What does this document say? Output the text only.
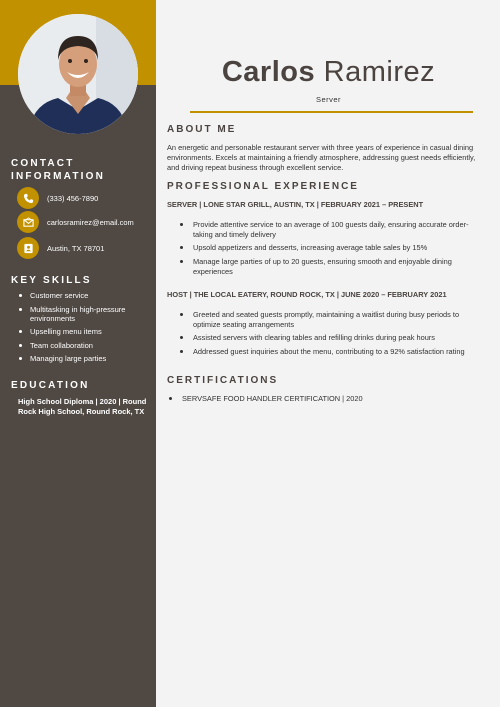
CONTACT INFORMATION
(333) 456-7890
carlosramirez@email.com
Austin, TX 78701
KEY SKILLS
Customer service
Multitasking in high-pressure environments
Upselling menu items
Team collaboration
Managing large parties
EDUCATION
High School Diploma | 2020 | Round Rock High School, Round Rock, TX
Carlos Ramirez
Server
ABOUT ME
An energetic and personable restaurant server with three years of experience in casual dining environments. Excels at maintaining a friendly atmosphere, addressing guest needs efficiently, and driving repeat business through excellent service.
PROFESSIONAL EXPERIENCE
SERVER | LONE STAR GRILL, AUSTIN, TX | FEBRUARY 2021 – PRESENT
Provide attentive service to an average of 100 guests daily, ensuring accurate order-taking and timely delivery
Upsold appetizers and desserts, increasing average table sales by 15%
Manage large parties of up to 20 guests, ensuring smooth and enjoyable dining experiences
HOST | THE LOCAL EATERY, ROUND ROCK, TX | JUNE 2020 – FEBRUARY 2021
Greeted and seated guests promptly, maintaining a waitlist during busy periods to optimize seating arrangements
Assisted servers with clearing tables and refilling drinks during peak hours
Addressed guest inquiries about the menu, contributing to a 92% satisfaction rating
CERTIFICATIONS
SERVSAFE FOOD HANDLER CERTIFICATION | 2020
